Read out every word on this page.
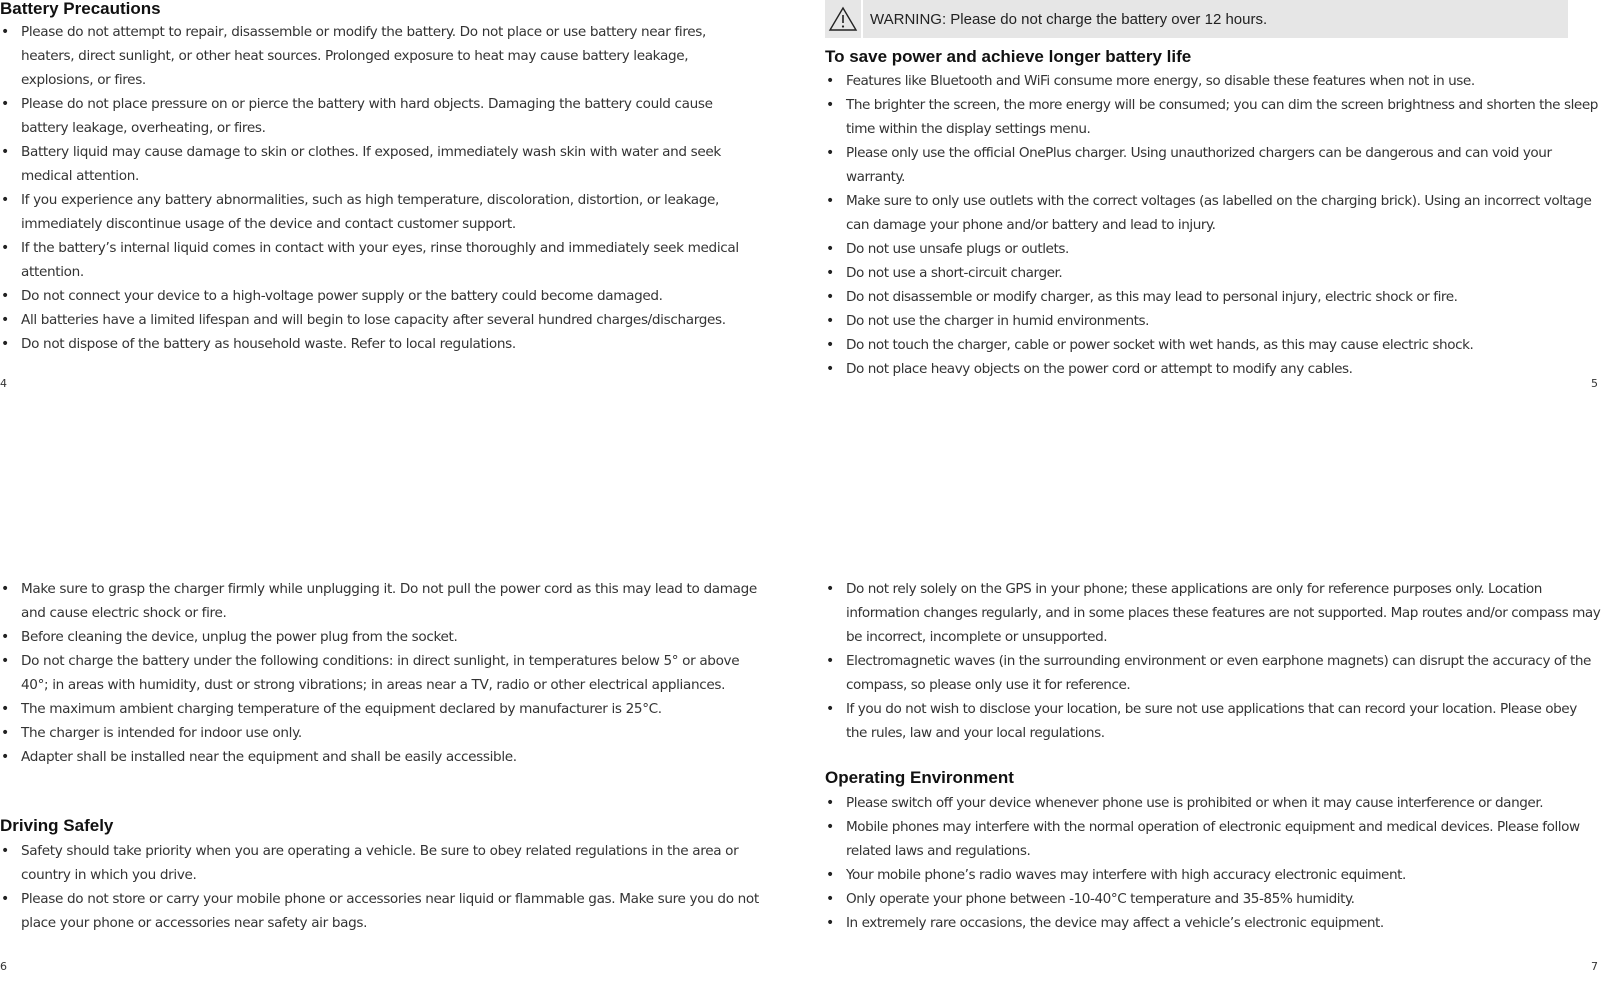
Battery Precautions
• Please do not attempt to repair, disassemble or modify the battery. Do not place or use battery near fires, heaters, direct sunlight, or other heat sources. Prolonged exposure to heat may cause battery leakage, explosions, or fires.
• Please do not place pressure on or pierce the battery with hard objects. Damaging the battery could cause battery leakage, overheating, or fires.
• Battery liquid may cause damage to skin or clothes. If exposed, immediately wash skin with water and seek medical attention.
• If you experience any battery abnormalities, such as high temperature, discoloration, distortion, or leakage, immediately discontinue usage of the device and contact customer support.
• If the battery’s internal liquid comes in contact with your eyes, rinse thoroughly and immediately seek medical attention.
• Do not connect your device to a high-voltage power supply or the battery could become damaged.
• All batteries have a limited lifespan and will begin to lose capacity after several hundred charges/discharges.
• Do not dispose of the battery as household waste. Refer to local regulations.
4
WARNING: Please do not charge the battery over 12 hours.
To save power and achieve longer battery life
• Features like Bluetooth and WiFi consume more energy, so disable these features when not in use.
• The brighter the screen, the more energy will be consumed; you can dim the screen brightness and shorten the sleep time within the display settings menu.
• Please only use the official OnePlus charger. Using unauthorized chargers can be dangerous and can void your warranty.
• Make sure to only use outlets with the correct voltages (as labelled on the charging brick). Using an incorrect voltage can damage your phone and/or battery and lead to injury.
• Do not use unsafe plugs or outlets.
• Do not use a short-circuit charger.
• Do not disassemble or modify charger, as this may lead to personal injury, electric shock or fire.
• Do not use the charger in humid environments.
• Do not touch the charger, cable or power socket with wet hands, as this may cause electric shock.
• Do not place heavy objects on the power cord or attempt to modify any cables.
5
• Make sure to grasp the charger firmly while unplugging it. Do not pull the power cord as this may lead to damage and cause electric shock or fire.
• Before cleaning the device, unplug the power plug from the socket.
• Do not charge the battery under the following conditions: in direct sunlight, in temperatures below 5° or above 40°; in areas with humidity, dust or strong vibrations; in areas near a TV, radio or other electrical appliances.
• The maximum ambient charging temperature of the equipment declared by manufacturer is 25°C.
• The charger is intended for indoor use only.
• Adapter shall be installed near the equipment and shall be easily accessible.
Driving Safely
• Safety should take priority when you are operating a vehicle. Be sure to obey related regulations in the area or country in which you drive.
• Please do not store or carry your mobile phone or accessories near liquid or flammable gas. Make sure you do not place your phone or accessories near safety air bags.
6
• Do not rely solely on the GPS in your phone; these applications are only for reference purposes only. Location information changes regularly, and in some places these features are not supported. Map routes and/or compass may be incorrect, incomplete or unsupported.
• Electromagnetic waves (in the surrounding environment or even earphone magnets) can disrupt the accuracy of the compass, so please only use it for reference.
• If you do not wish to disclose your location, be sure not use applications that can record your location. Please obey the rules, law and your local regulations.
Operating Environment
• Please switch off your device whenever phone use is prohibited or when it may cause interference or danger.
• Mobile phones may interfere with the normal operation of electronic equipment and medical devices. Please follow related laws and regulations.
• Your mobile phone’s radio waves may interfere with high accuracy electronic equiment.
• Only operate your phone between -10-40°C temperature and 35-85% humidity.
• In extremely rare occasions, the device may affect a vehicle’s electronic equipment.
7
